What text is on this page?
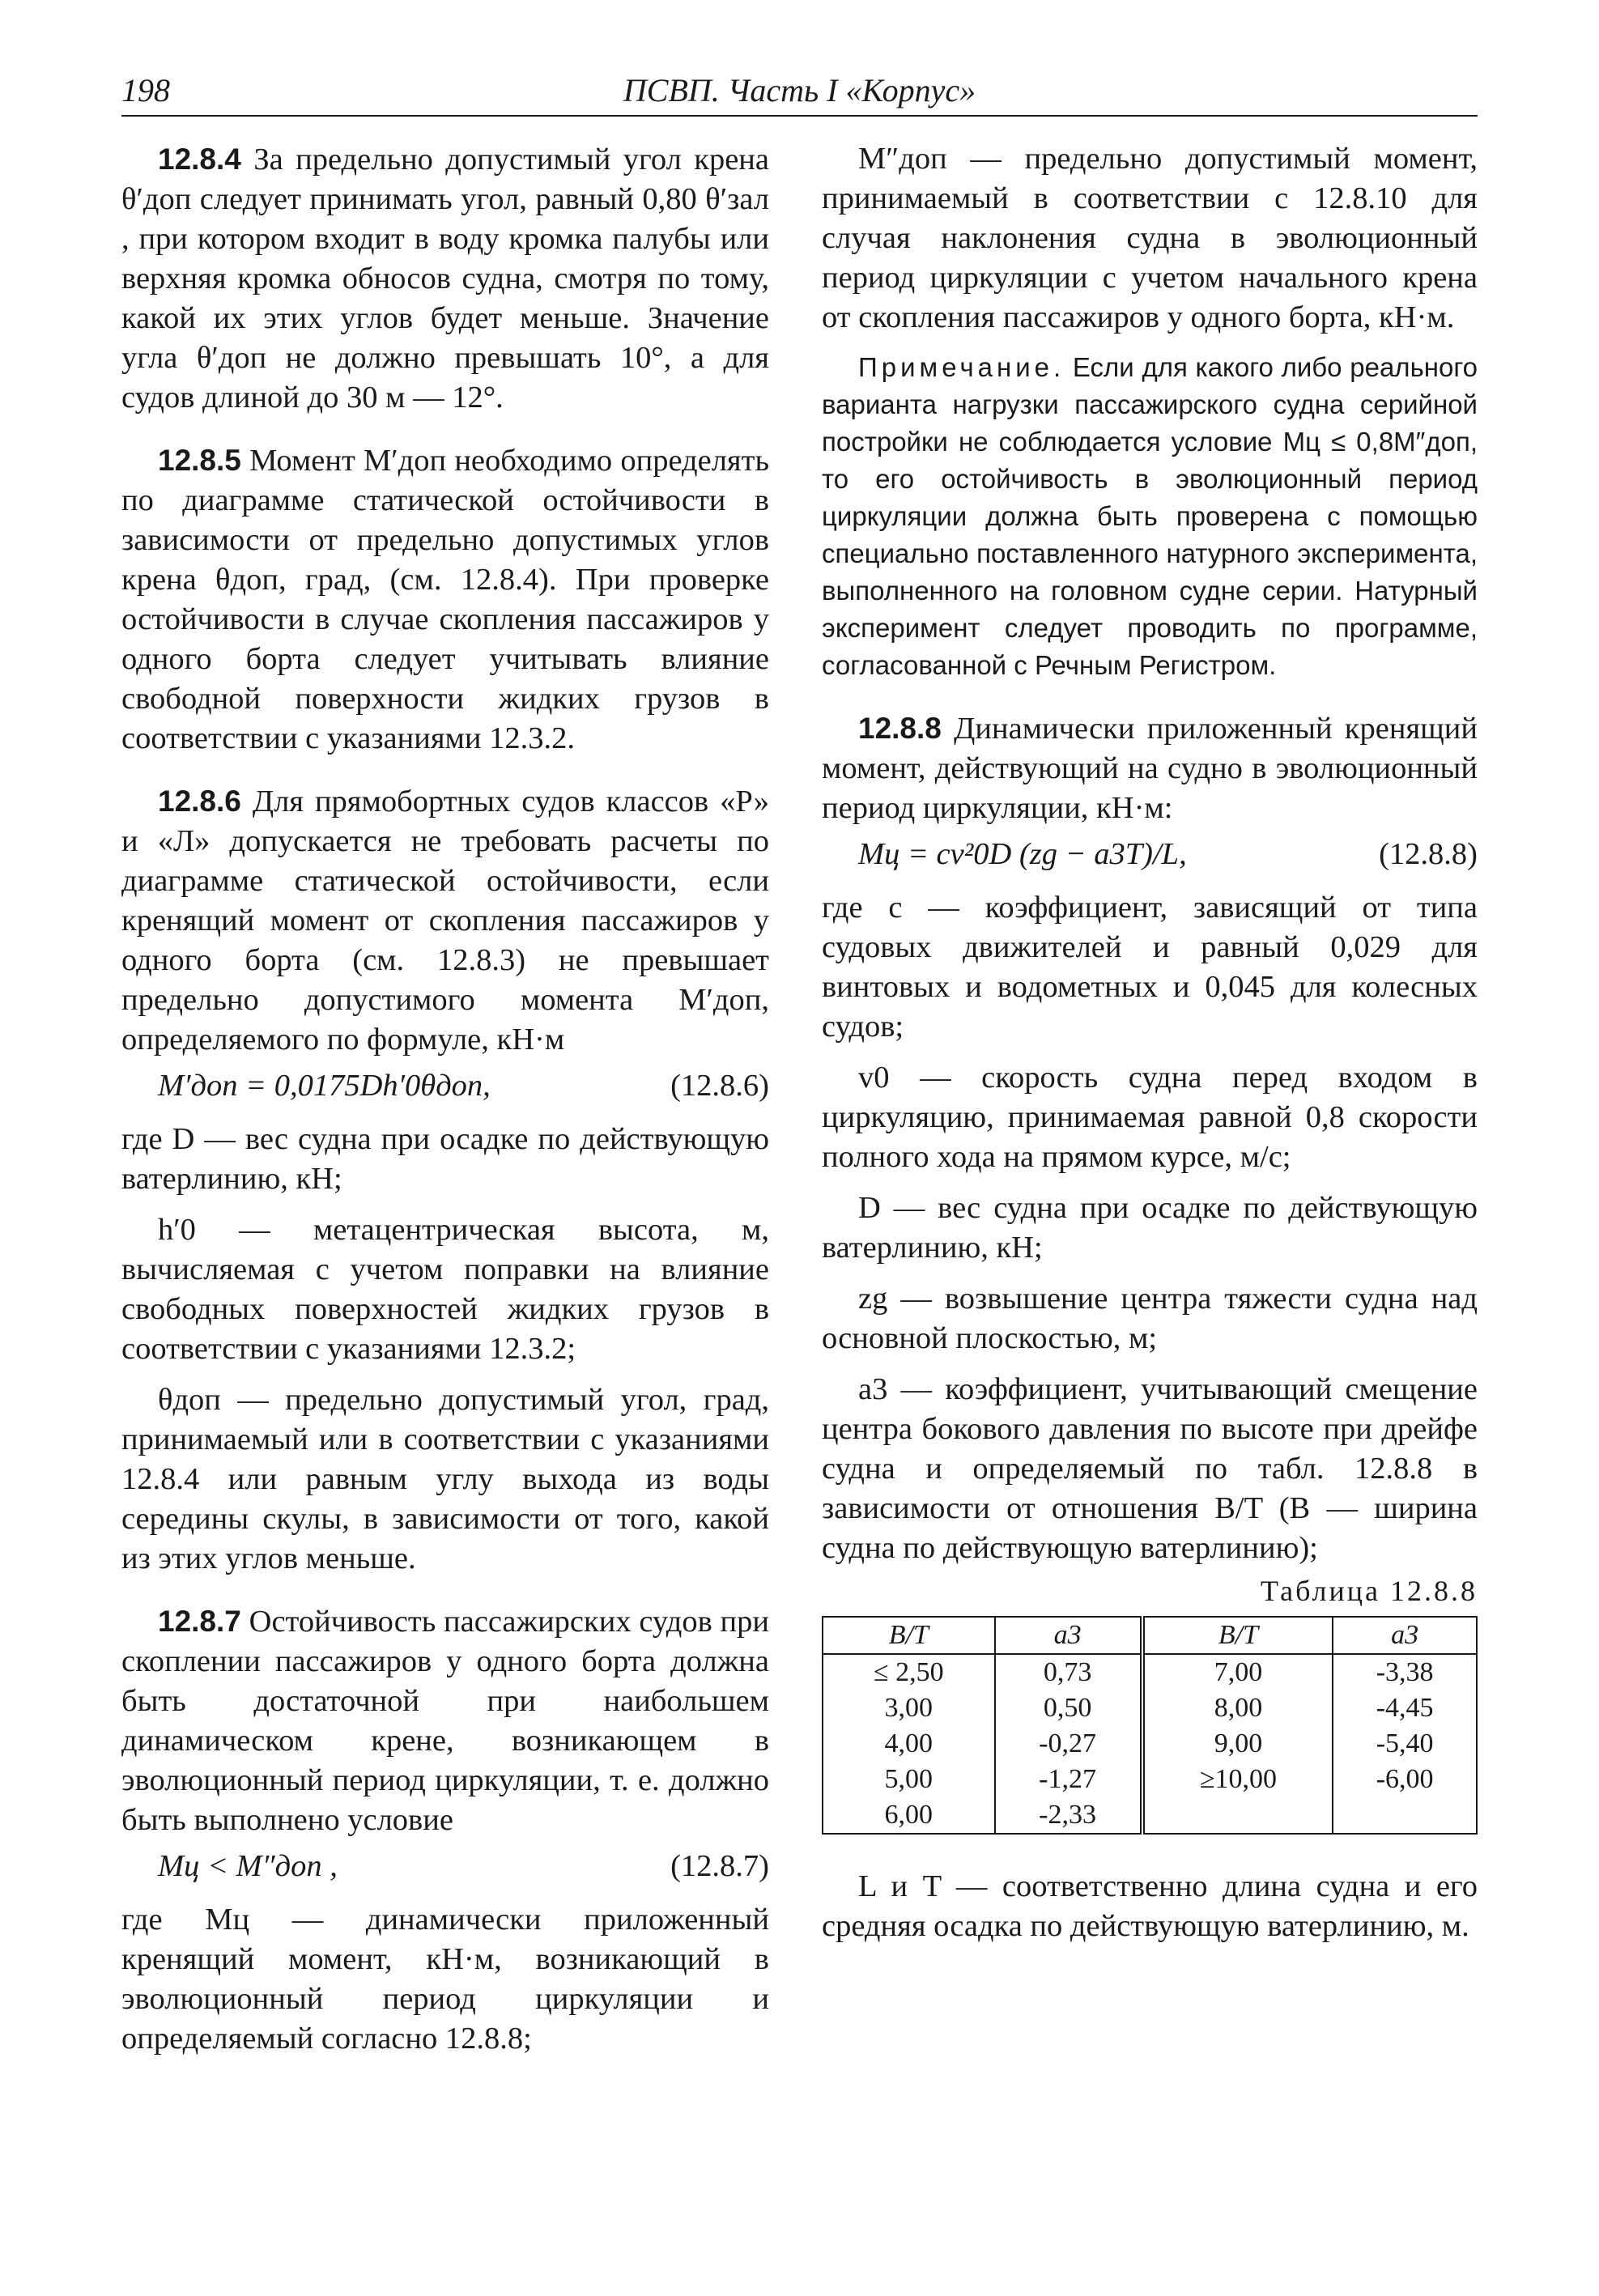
198	ПСВП. Часть I «Корпус»

12.8.4 За предельно допустимый угол крена θ′доп следует принимать угол, равный 0,80 θ′зал , при котором входит в воду кромка палубы или верхняя кромка обносов судна, смотря по тому, какой их этих углов будет меньше. Значение угла θ′доп не должно превышать 10°, а для судов длиной до 30 м — 12°.

12.8.5 Момент M′доп необходимо определять по диаграмме статической остойчивости в зависимости от предельно допустимых углов крена θдоп, град, (см. 12.8.4). При проверке остойчивости в случае скопления пассажиров у одного борта следует учитывать влияние свободной поверхности жидких грузов в соответствии с указаниями 12.3.2.

12.8.6 Для прямобортных судов классов «Р» и «Л» допускается не требовать расчеты по диаграмме статической остойчивости, если кренящий момент от скопления пассажиров у одного борта (см. 12.8.3) не превышает предельно допустимого момента M′доп, определяемого по формуле, кН·м

M′доп = 0,0175Dh′0θдоп,	(12.8.6)

где D — вес судна при осадке по действующую ватерлинию, кН;

h′0 — метацентрическая высота, м, вычисляемая с учетом поправки на влияние свободных поверхностей жидких грузов в соответствии с указаниями 12.3.2;

θдоп — предельно допустимый угол, град, принимаемый или в соответствии с указаниями 12.8.4 или равным углу выхода из воды середины скулы, в зависимости от того, какой из этих углов меньше.

12.8.7 Остойчивость пассажирских судов при скоплении пассажиров у одного борта должна быть достаточной при наибольшем динамическом крене, возникающем в эволюционный период циркуляции, т. е. должно быть выполнено условие

Mц < M″доп ,	(12.8.7)

где Mц — динамически приложенный кренящий момент, кН·м, возникающий в эволюционный период циркуляции и определяемый согласно 12.8.8;

M″доп — предельно допустимый момент, принимаемый в соответствии с 12.8.10 для случая наклонения судна в эволюционный период циркуляции с учетом начального крена от скопления пассажиров у одного борта, кН·м.

Примечание. Если для какого либо реального варианта нагрузки пассажирского судна серийной постройки не соблюдается условие Mц ≤ 0,8M″доп, то его остойчивость в эволюционный период циркуляции должна быть проверена с помощью специально поставленного натурного эксперимента, выполненного на головном судне серии. Натурный эксперимент следует проводить по программе, согласованной с Речным Регистром.

12.8.8 Динамически приложенный кренящий момент, действующий на судно в эволюционный период циркуляции, кН·м:

Mц = cv²0D (zg − a3T)/L,	(12.8.8)

где c — коэффициент, зависящий от типа судовых движителей и равный 0,029 для винтовых и водометных и 0,045 для колесных судов;

v0 — скорость судна перед входом в циркуляцию, принимаемая равной 0,8 скорости полного хода на прямом курсе, м/с;

D — вес судна при осадке по действующую ватерлинию, кН;

zg — возвышение центра тяжести судна над основной плоскостью, м;

a3 — коэффициент, учитывающий смещение центра бокового давления по высоте при дрейфе судна и определяемый по табл. 12.8.8 в зависимости от отношения B/T (B — ширина судна по действующую ватерлинию);

Таблица 12.8.8
B/T	a3	B/T	a3
≤ 2,50	0,73	7,00	-3,38
3,00	0,50	8,00	-4,45
4,00	-0,27	9,00	-5,40
5,00	-1,27	≥10,00	-6,00
6,00	-2,33		

L и T — соответственно длина судна и его средняя осадка по действующую ватерлинию, м.
